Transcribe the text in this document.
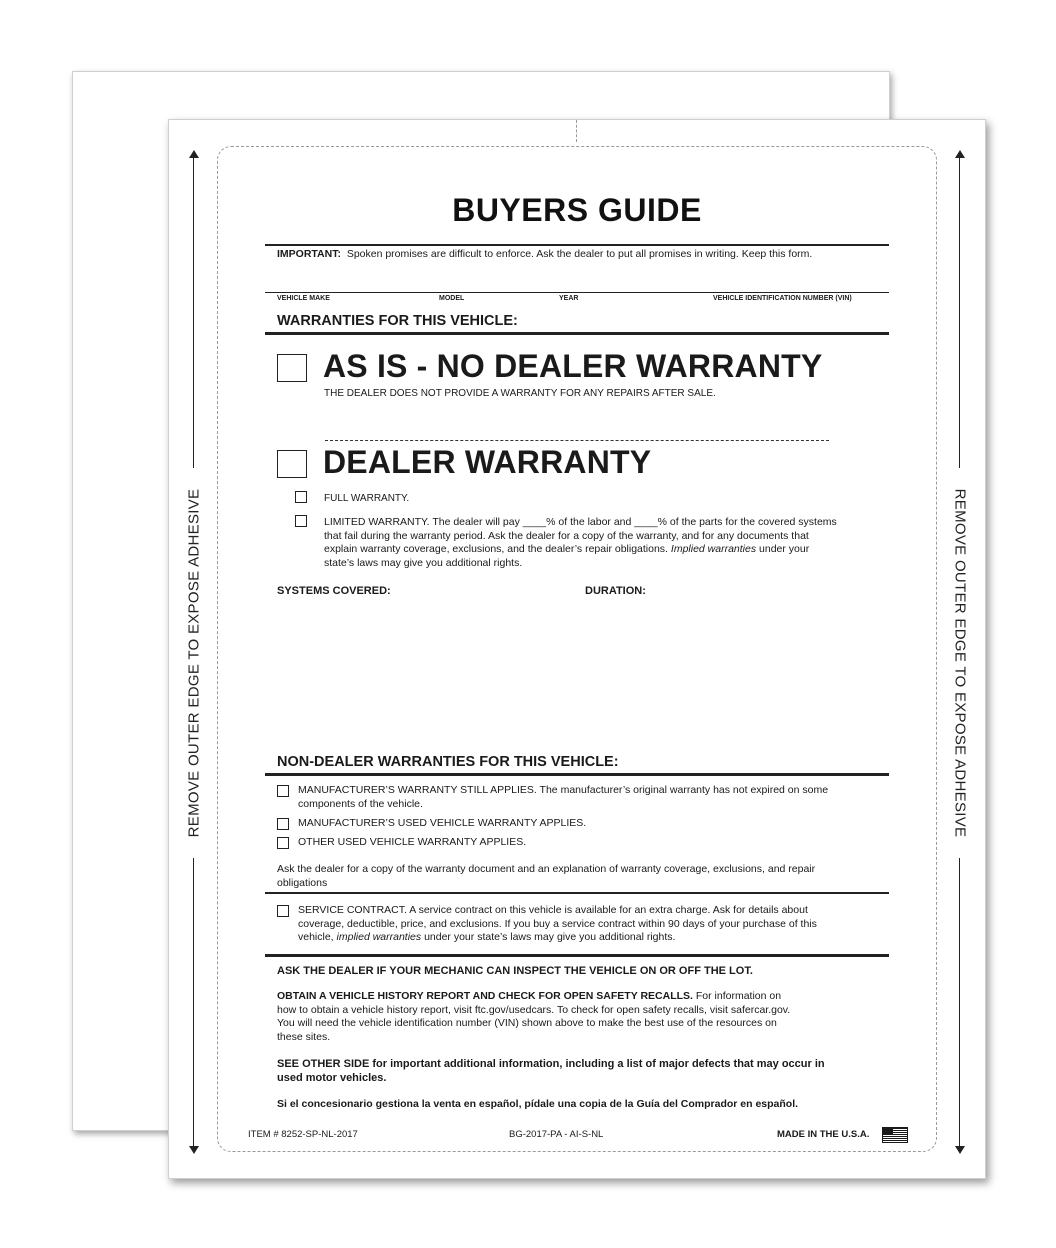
REMOVE OUTER EDGE TO EXPOSE ADHESIVE	REMOVE OUTER EDGE TO EXPOSE ADHESIVE
BUYERS GUIDE
IMPORTANT: Spoken promises are difficult to enforce. Ask the dealer to put all promises in writing. Keep this form.
VEHICLE MAKE	MODEL	YEAR	VEHICLE IDENTIFICATION NUMBER (VIN)
WARRANTIES FOR THIS VEHICLE:
AS IS - NO DEALER WARRANTY
THE DEALER DOES NOT PROVIDE A WARRANTY FOR ANY REPAIRS AFTER SALE.
DEALER WARRANTY
FULL WARRANTY.
LIMITED WARRANTY. The dealer will pay ____% of the labor and ____% of the parts for the covered systems
that fail during the warranty period. Ask the dealer for a copy of the warranty, and for any documents that
explain warranty coverage, exclusions, and the dealer’s repair obligations. Implied warranties under your
state’s laws may give you additional rights.
SYSTEMS COVERED:	DURATION:
NON-DEALER WARRANTIES FOR THIS VEHICLE:
MANUFACTURER’S WARRANTY STILL APPLIES. The manufacturer’s original warranty has not expired on some
components of the vehicle.
MANUFACTURER’S USED VEHICLE WARRANTY APPLIES.
OTHER USED VEHICLE WARRANTY APPLIES.
Ask the dealer for a copy of the warranty document and an explanation of warranty coverage, exclusions, and repair
obligations
SERVICE CONTRACT. A service contract on this vehicle is available for an extra charge. Ask for details about
coverage, deductible, price, and exclusions. If you buy a service contract within 90 days of your purchase of this
vehicle, implied warranties under your state’s laws may give you additional rights.
ASK THE DEALER IF YOUR MECHANIC CAN INSPECT THE VEHICLE ON OR OFF THE LOT.
OBTAIN A VEHICLE HISTORY REPORT AND CHECK FOR OPEN SAFETY RECALLS. For information on
how to obtain a vehicle history report, visit ftc.gov/usedcars. To check for open safety recalls, visit safercar.gov.
You will need the vehicle identification number (VIN) shown above to make the best use of the resources on
these sites.
SEE OTHER SIDE for important additional information, including a list of major defects that may occur in
used motor vehicles.
Si el concesionario gestiona la venta en español, pídale una copia de la Guía del Comprador en español.
ITEM # 8252-SP-NL-2017	BG-2017-PA - AI-S-NL	MADE IN THE U.S.A.
